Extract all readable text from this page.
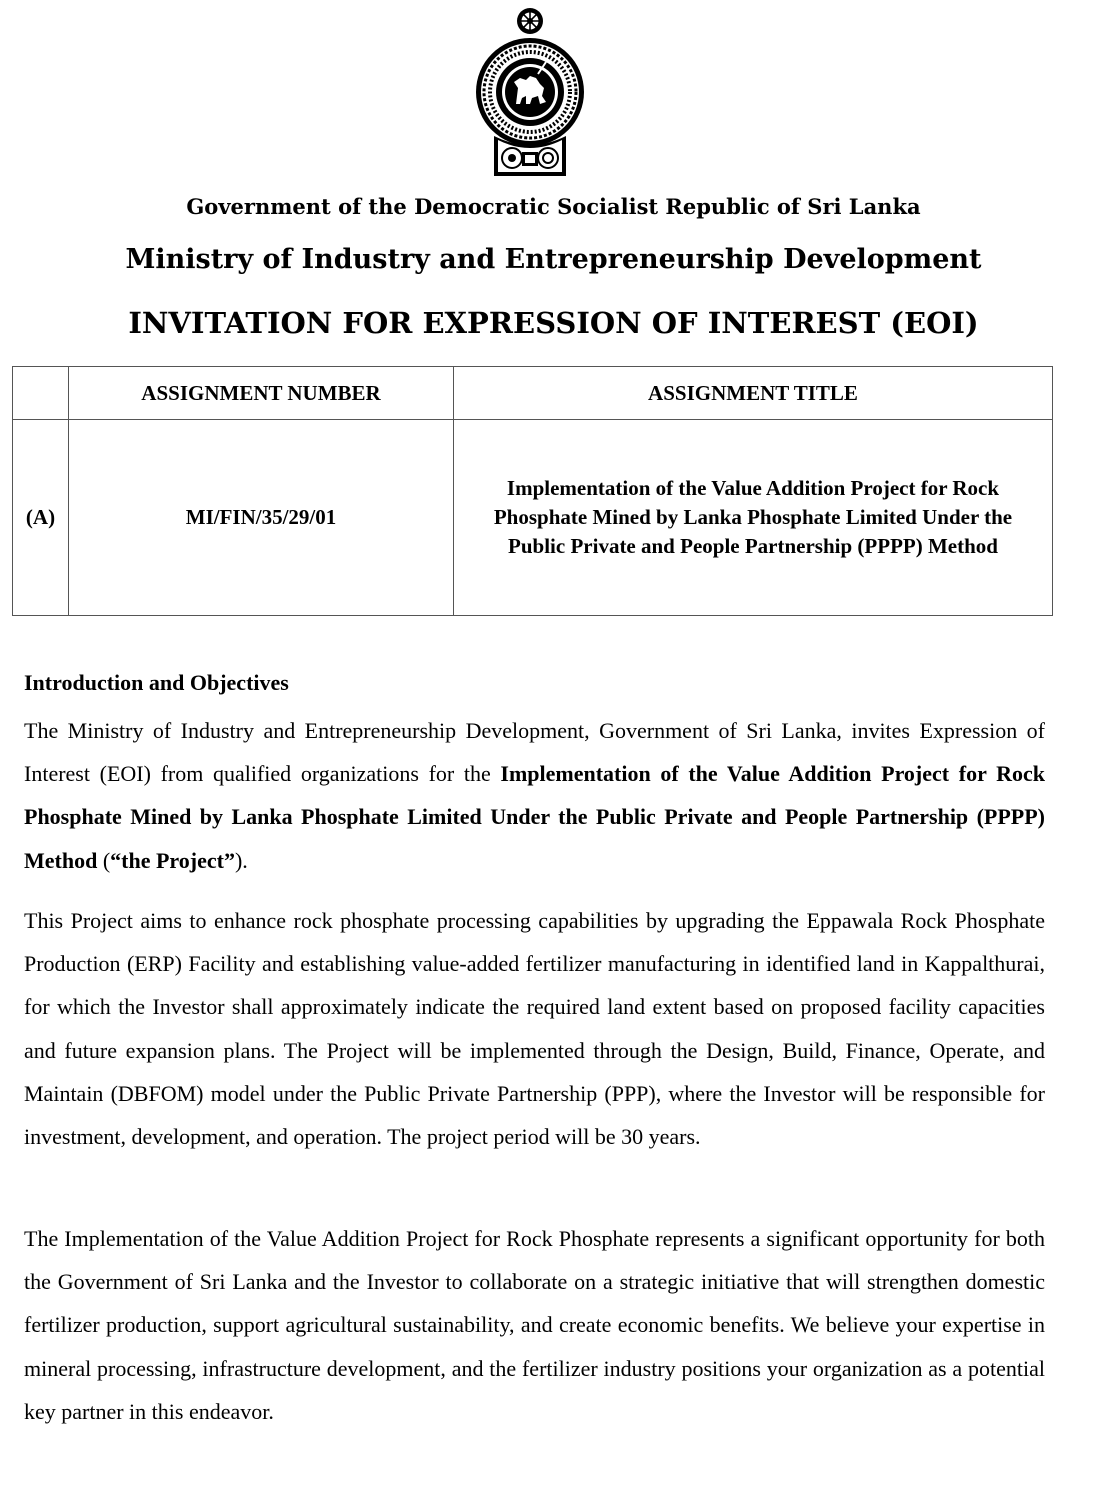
Government of the Democratic Socialist Republic of Sri Lanka
Ministry of Industry and Entrepreneurship Development
INVITATION FOR EXPRESSION OF INTEREST (EOI)
	ASSIGNMENT NUMBER	ASSIGNMENT TITLE
(A)	MI/FIN/35/29/01	Implementation of the Value Addition Project for Rock Phosphate Mined by Lanka Phosphate Limited Under the Public Private and People Partnership (PPPP) Method
Introduction and Objectives
The Ministry of Industry and Entrepreneurship Development, Government of Sri Lanka, invites Expression of Interest (EOI) from qualified organizations for the Implementation of the Value Addition Project for Rock Phosphate Mined by Lanka Phosphate Limited Under the Public Private and People Partnership (PPPP) Method (“the Project”).
This Project aims to enhance rock phosphate processing capabilities by upgrading the Eppawala Rock Phosphate Production (ERP) Facility and establishing value-added fertilizer manufacturing in identified land in Kappalthurai, for which the Investor shall approximately indicate the required land extent based on proposed facility capacities and future expansion plans. The Project will be implemented through the Design, Build, Finance, Operate, and Maintain (DBFOM) model under the Public Private Partnership (PPP), where the Investor will be responsible for investment, development, and operation. The project period will be 30 years.
The Implementation of the Value Addition Project for Rock Phosphate represents a significant opportunity for both the Government of Sri Lanka and the Investor to collaborate on a strategic initiative that will strengthen domestic fertilizer production, support agricultural sustainability, and create economic benefits. We believe your expertise in mineral processing, infrastructure development, and the fertilizer industry positions your organization as a potential key partner in this endeavor.
